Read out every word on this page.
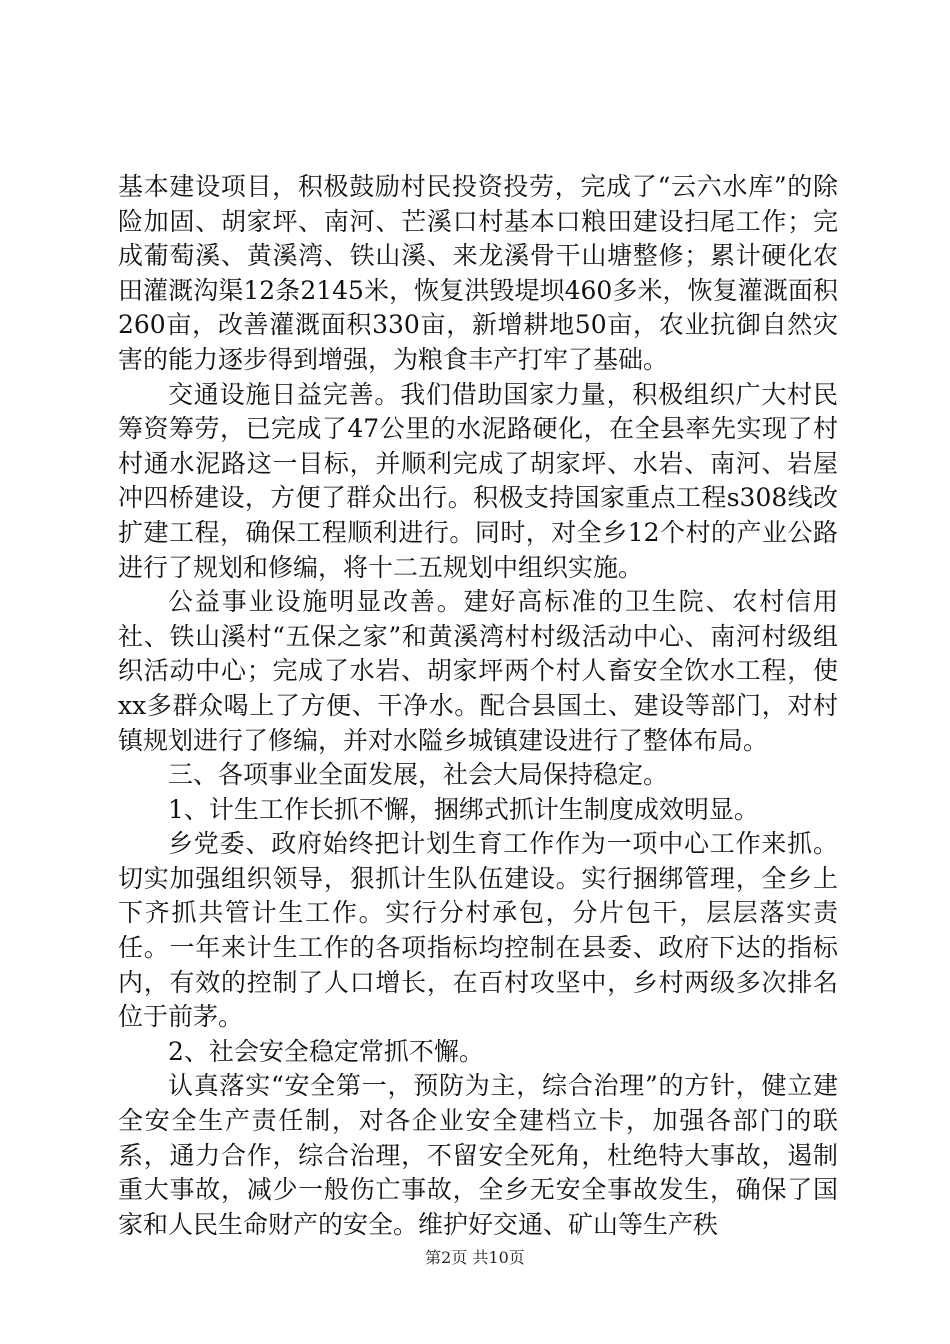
基本建设项目，积极鼓励村民投资投劳，完成了“云六水库”的除险加固、胡家坪、南河、芒溪口村基本口粮田建设扫尾工作；完成葡萄溪、黄溪湾、铁山溪、来龙溪骨干山塘整修；累计硬化农田灌溉沟渠12条2145米，恢复洪毁堤坝460多米，恢复灌溉面积260亩，改善灌溉面积330亩，新增耕地50亩，农业抗御自然灾害的能力逐步得到增强，为粮食丰产打牢了基础。

交通设施日益完善。我们借助国家力量，积极组织广大村民筹资筹劳，已完成了47公里的水泥路硬化，在全县率先实现了村村通水泥路这一目标，并顺利完成了胡家坪、水岩、南河、岩屋冲四桥建设，方便了群众出行。积极支持国家重点工程s308线改扩建工程，确保工程顺利进行。同时，对全乡12个村的产业公路进行了规划和修编，将十二五规划中组织实施。

公益事业设施明显改善。建好高标准的卫生院、农村信用社、铁山溪村“五保之家”和黄溪湾村村级活动中心、南河村级组织活动中心；完成了水岩、胡家坪两个村人畜安全饮水工程，使xx多群众喝上了方便、干净水。配合县国土、建设等部门，对村镇规划进行了修编，并对水隘乡城镇建设进行了整体布局。

三、各项事业全面发展，社会大局保持稳定。

1、计生工作长抓不懈，捆绑式抓计生制度成效明显。

乡党委、政府始终把计划生育工作作为一项中心工作来抓。切实加强组织领导，狠抓计生队伍建设。实行捆绑管理，全乡上下齐抓共管计生工作。实行分村承包，分片包干，层层落实责任。一年来计生工作的各项指标均控制在县委、政府下达的指标内，有效的控制了人口增长，在百村攻坚中，乡村两级多次排名位于前茅。

2、社会安全稳定常抓不懈。

认真落实“安全第一，预防为主，综合治理”的方针，健立建全安全生产责任制，对各企业安全建档立卡，加强各部门的联系，通力合作，综合治理，不留安全死角，杜绝特大事故，遏制重大事故，减少一般伤亡事故，全乡无安全事故发生，确保了国家和人民生命财产的安全。维护好交通、矿山等生产秩

第2页 共10页
